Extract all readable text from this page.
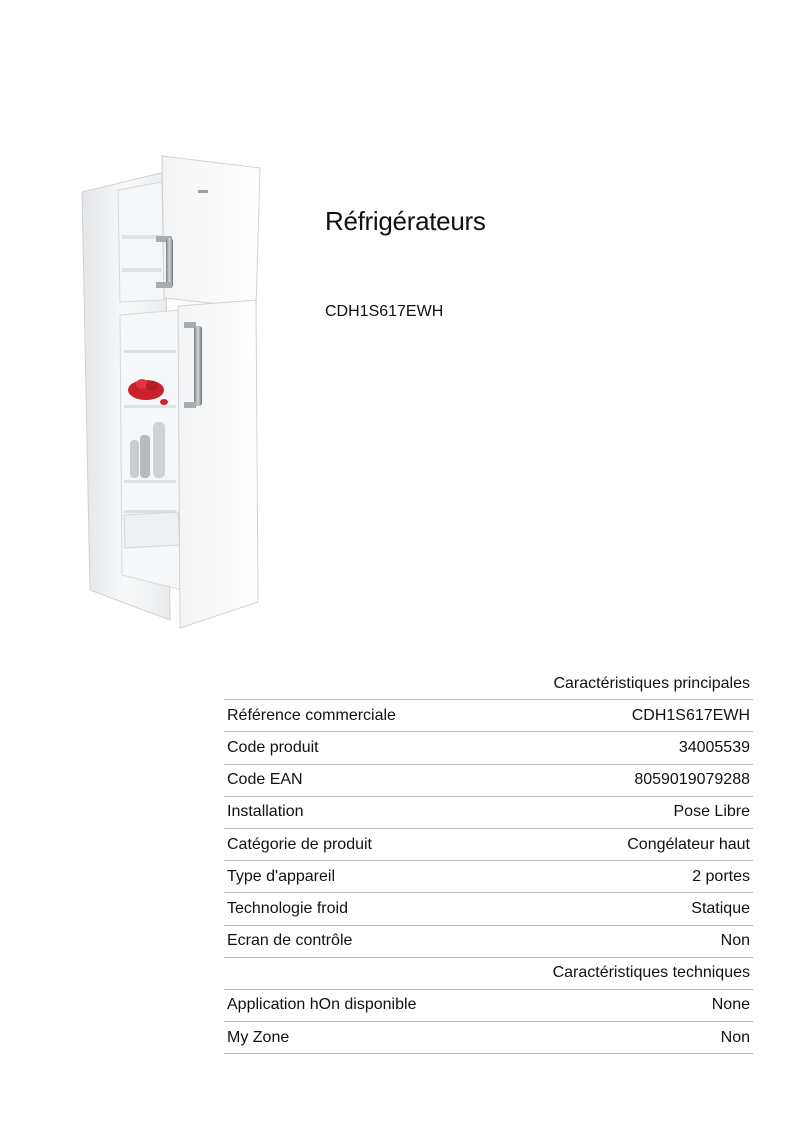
Réfrigérateurs

CDH1S617EWH

	Caractéristiques principales
Référence commerciale	CDH1S617EWH
Code produit	34005539
Code EAN	8059019079288
Installation	Pose Libre
Catégorie de produit	Congélateur haut
Type d'appareil	2 portes
Technologie froid	Statique
Ecran de contrôle	Non
	Caractéristiques techniques
Application hOn disponible	None
My Zone	Non
